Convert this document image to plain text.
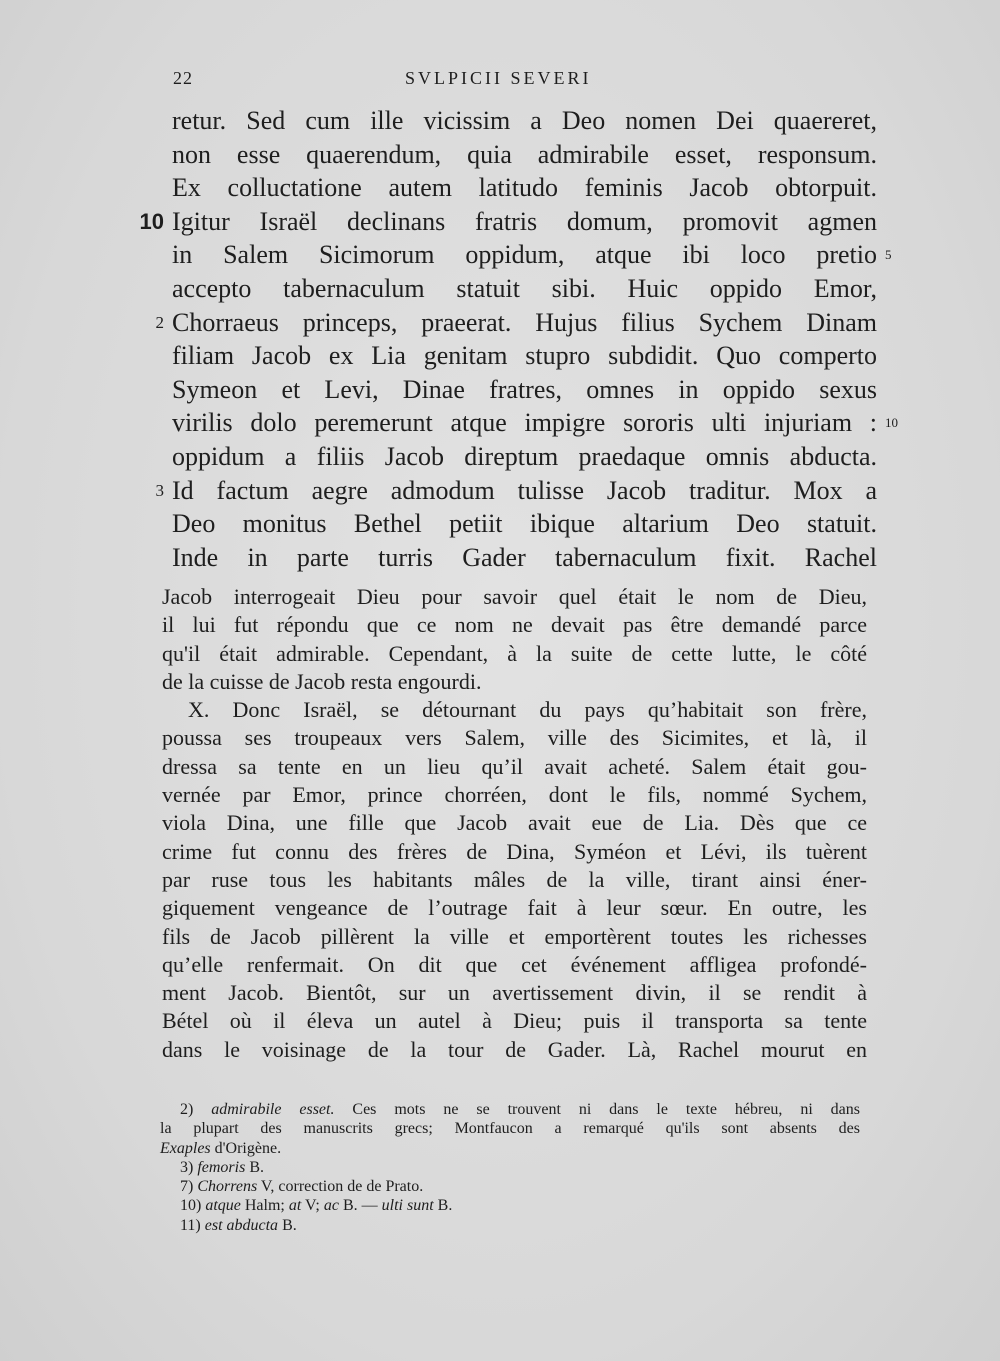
22	SVLPICII SEVERI
retur. Sed cum ille vicissim a Deo nomen Dei quaereret,
non esse quaerendum, quia admirabile esset, responsum.
Ex colluctatione autem latitudo feminis Jacob obtorpuit.
10 Igitur Israël declinans fratris domum, promovit agmen
in Salem Sicimorum oppidum, atque ibi loco pretio 5
accepto tabernaculum statuit sibi. Huic oppido Emor,
2 Chorraeus princeps, praeerat. Hujus filius Sychem Dinam
filiam Jacob ex Lia genitam stupro subdidit. Quo comperto
Symeon et Levi, Dinae fratres, omnes in oppido sexus
virilis dolo peremerunt atque impigre sororis ulti injuriam : 10
oppidum a filiis Jacob direptum praedaque omnis abducta.
3 Id factum aegre admodum tulisse Jacob traditur. Mox a
Deo monitus Bethel petiit ibique altarium Deo statuit.
Inde in parte turris Gader tabernaculum fixit. Rachel
Jacob interrogeait Dieu pour savoir quel était le nom de Dieu,
il lui fut répondu que ce nom ne devait pas être demandé parce
qu'il était admirable. Cependant, à la suite de cette lutte, le côté
de la cuisse de Jacob resta engourdi.
X. Donc Israël, se détournant du pays qu’habitait son frère,
poussa ses troupeaux vers Salem, ville des Sicimites, et là, il
dressa sa tente en un lieu qu’il avait acheté. Salem était gou-
vernée par Emor, prince chorréen, dont le fils, nommé Sychem,
viola Dina, une fille que Jacob avait eue de Lia. Dès que ce
crime fut connu des frères de Dina, Syméon et Lévi, ils tuèrent
par ruse tous les habitants mâles de la ville, tirant ainsi éner-
giquement vengeance de l’outrage fait à leur sœur. En outre, les
fils de Jacob pillèrent la ville et emportèrent toutes les richesses
qu’elle renfermait. On dit que cet événement affligea profondé-
ment Jacob. Bientôt, sur un avertissement divin, il se rendit à
Bétel où il éleva un autel à Dieu; puis il transporta sa tente
dans le voisinage de la tour de Gader. Là, Rachel mourut en
2) admirabile esset. Ces mots ne se trouvent ni dans le texte hébreu, ni dans
la plupart des manuscrits grecs; Montfaucon a remarqué qu'ils sont absents des
Exaples d'Origène.
3) femoris B.
7) Chorrens V, correction de de Prato.
10) atque Halm; at V; ac B. — ulti sunt B.
11) est abducta B.
